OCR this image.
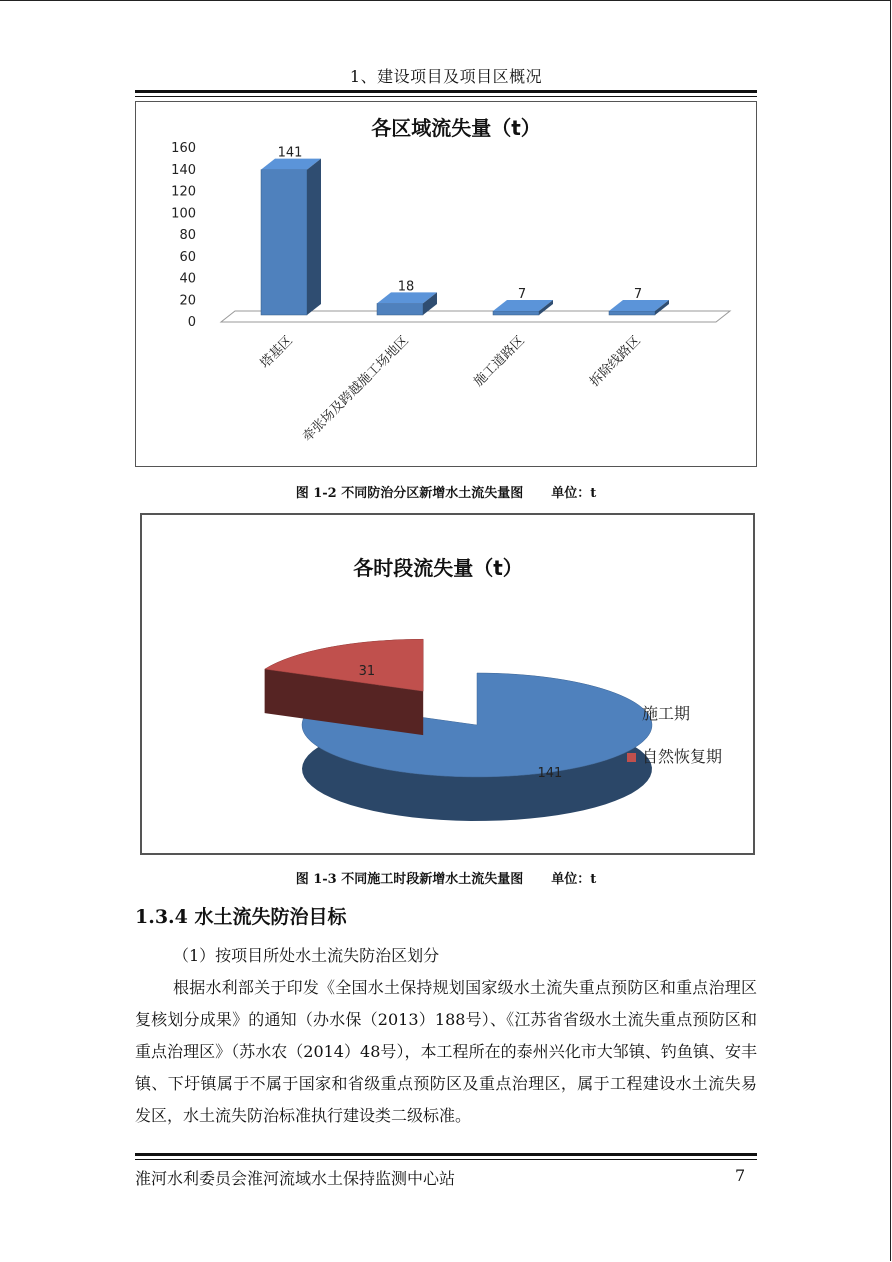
1、建设项目及项目区概况
各区域流失量（t）
0
20
40
60
80
100
120
140
160	141
塔基区
18
牵张场及跨越施工场地区
7
施工道路区
7
拆除线路区
图 1-2 不同防治分区新增水土流失量图 单位：t
各时段流失量（t）
141
31
施工期
自然恢复期
图 1-3 不同施工时段新增水土流失量图 单位：t
1.3.4 水土流失防治目标
（1）按项目所处水土流失防治区划分
根据水利部关于印发《全国水土保持规划国家级水土流失重点预防区和重点治理区复核划分成果》的通知（办水保（2013）188号）、《江苏省省级水土流失重点预防区和重点治理区》（苏水农（2014）48号），本工程所在的泰州兴化市大邹镇、钓鱼镇、安丰镇、下圩镇属于不属于国家和省级重点预防区及重点治理区，属于工程建设水土流失易发区，水土流失防治标准执行建设类二级标准。
淮河水利委员会淮河流域水土保持监测中心站	7
